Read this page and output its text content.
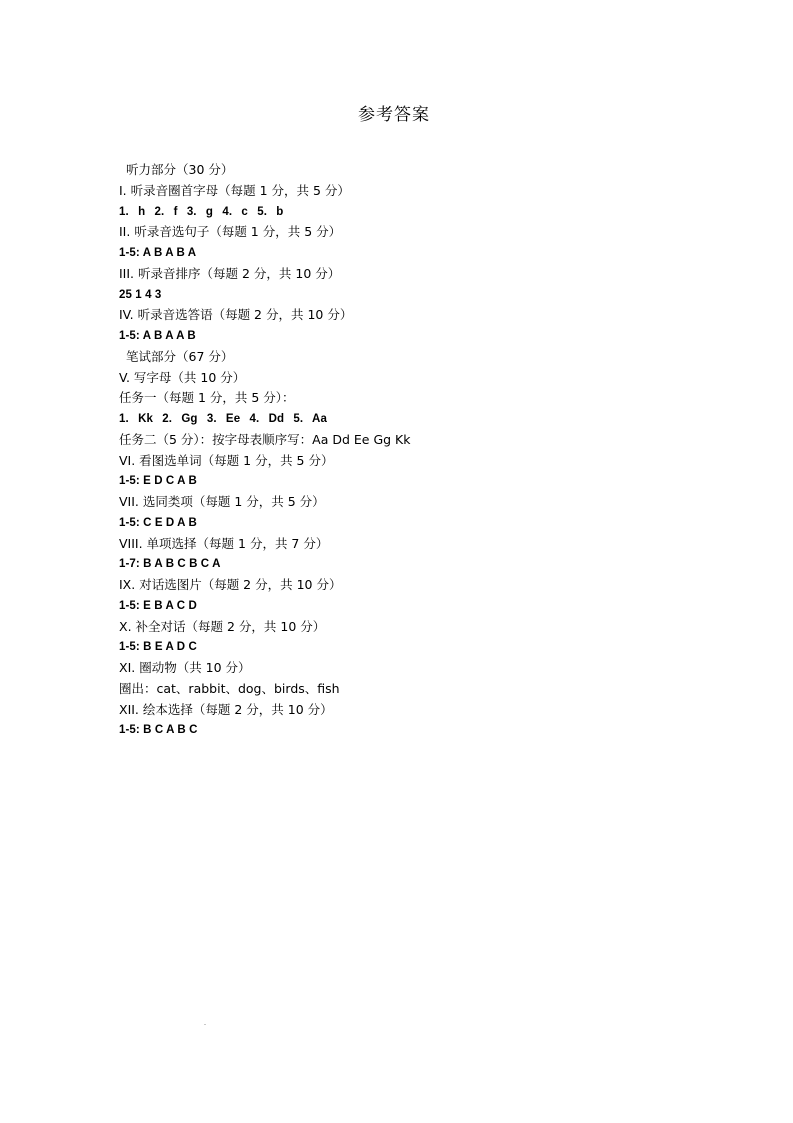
参考答案
听力部分（30 分）
I. 听录音圈首字母（每题 1 分，共 5 分）
1. h 2. f 3. g 4. c 5. b
II. 听录音选句子（每题 1 分，共 5 分）
1-5: A B A B A
III. 听录音排序（每题 2 分，共 10 分）
25 1 4 3
IV. 听录音选答语（每题 2 分，共 10 分）
1-5: A B A A B
笔试部分（67 分）
V. 写字母（共 10 分）
任务一（每题 1 分，共 5 分）：
1. Kk 2. Gg 3. Ee 4. Dd 5. Aa
任务二（5 分）：按字母表顺序写：Aa Dd Ee Gg Kk
VI. 看图选单词（每题 1 分，共 5 分）
1-5: E D C A B
VII. 选同类项（每题 1 分，共 5 分）
1-5: C E D A B
VIII. 单项选择（每题 1 分，共 7 分）
1-7: B A B C B C A
IX. 对话选图片（每题 2 分，共 10 分）
1-5: E B A C D
X. 补全对话（每题 2 分，共 10 分）
1-5: B E A D C
XI. 圈动物（共 10 分）
圈出：cat、rabbit、dog、birds、fish
XII. 绘本选择（每题 2 分，共 10 分）
1-5: B C A B C
